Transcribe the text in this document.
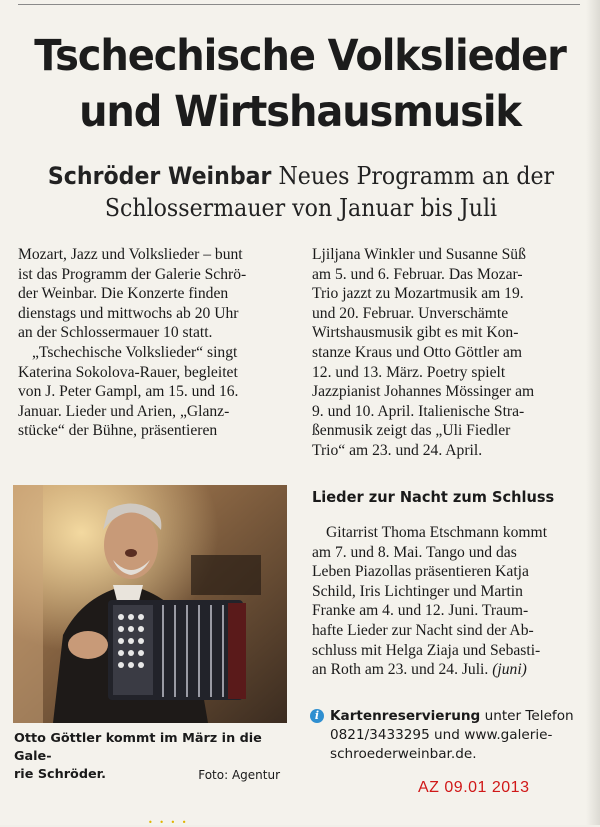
Tschechische Volkslieder
und Wirtshausmusik
Schröder Weinbar Neues Programm an der
Schlossermauer von Januar bis Juli
Mozart, Jazz und Volkslieder – bunt
ist das Programm der Galerie Schrö-
der Weinbar. Die Konzerte finden
dienstags und mittwochs ab 20 Uhr
an der Schlossermauer 10 statt.
„Tschechische Volkslieder“ singt
Katerina Sokolova-Rauer, begleitet
von J. Peter Gampl, am 15. und 16.
Januar. Lieder und Arien, „Glanz-
stücke“ der Bühne, präsentieren
Ljiljana Winkler und Susanne Süß
am 5. und 6. Februar. Das Mozar-
Trio jazzt zu Mozartmusik am 19.
und 20. Februar. Unverschämte
Wirtshausmusik gibt es mit Kon-
stanze Kraus und Otto Göttler am
12. und 13. März. Poetry spielt
Jazzpianist Johannes Mössinger am
9. und 10. April. Italienische Stra-
ßenmusik zeigt das „Uli Fiedler
Trio“ am 23. und 24. April.
Otto Göttler kommt im März in die Gale-
rie Schröder.	Foto: Agentur
Lieder zur Nacht zum Schluss
Gitarrist Thoma Etschmann kommt
am 7. und 8. Mai. Tango und das
Leben Piazollas präsentieren Katja
Schild, Iris Lichtinger und Martin
Franke am 4. und 12. Juni. Traum-
hafte Lieder zur Nacht sind der Ab-
schluss mit Helga Ziaja und Sebasti-
an Roth am 23. und 24. Juli. (juni)
i Kartenreservierung unter Telefon
0821/3433295 und www.galerie-
schroederweinbar.de.
AZ 09.01 2013
• • • •
